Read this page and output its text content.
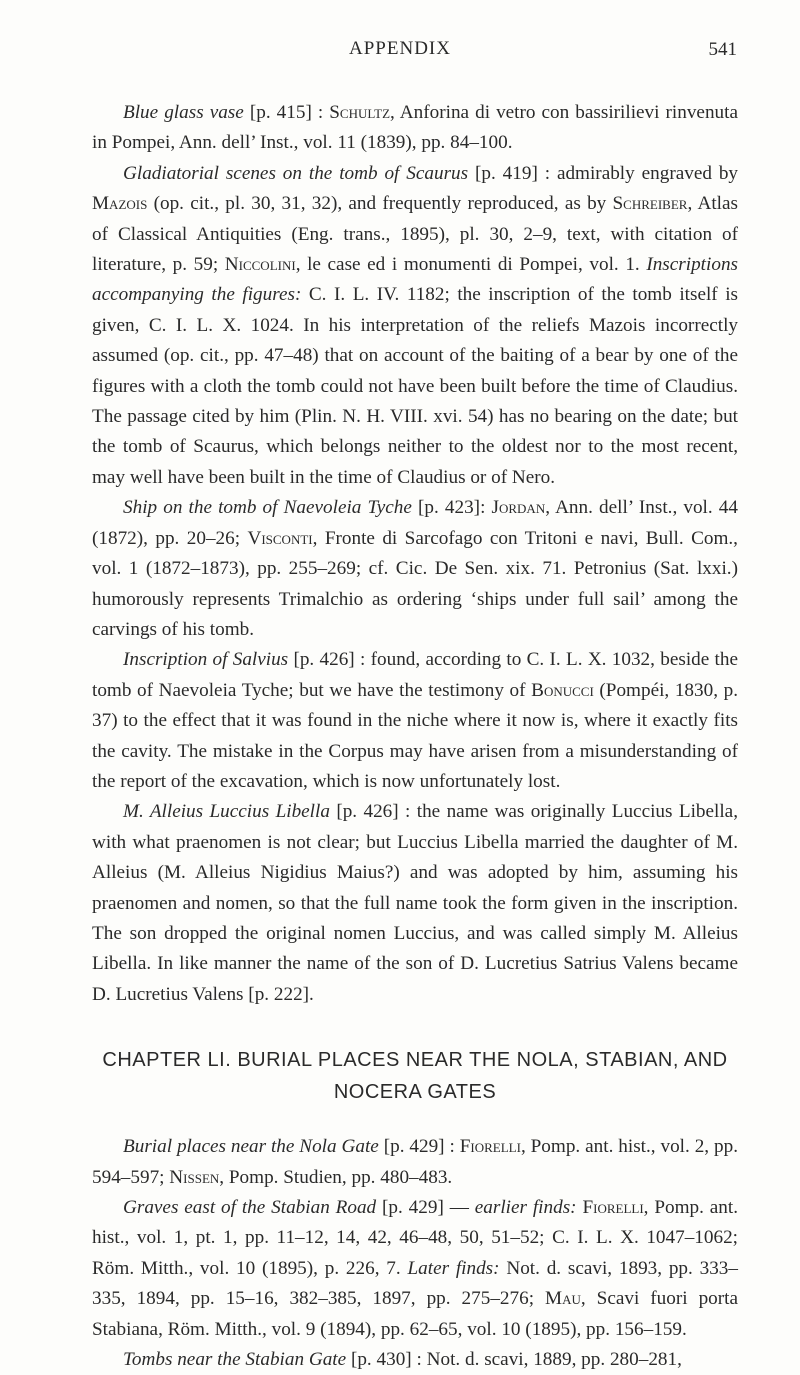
APPENDIX	541

Blue glass vase [p. 415] : Schultz, Anforina di vetro con bassirilievi rinvenuta in Pompei, Ann. dell’ Inst., vol. 11 (1839), pp. 84–100.

Gladiatorial scenes on the tomb of Scaurus [p. 419] : admirably engraved by Mazois (op. cit., pl. 30, 31, 32), and frequently reproduced, as by Schreiber, Atlas of Classical Antiquities (Eng. trans., 1895), pl. 30, 2–9, text, with citation of literature, p. 59; Niccolini, le case ed i monumenti di Pompei, vol. 1. Inscriptions accompanying the figures: C. I. L. IV. 1182; the inscription of the tomb itself is given, C. I. L. X. 1024. In his interpretation of the reliefs Mazois incorrectly assumed (op. cit., pp. 47–48) that on account of the baiting of a bear by one of the figures with a cloth the tomb could not have been built before the time of Claudius. The passage cited by him (Plin. N. H. VIII. xvi. 54) has no bearing on the date; but the tomb of Scaurus, which belongs neither to the oldest nor to the most recent, may well have been built in the time of Claudius or of Nero.

Ship on the tomb of Naevoleia Tyche [p. 423]: Jordan, Ann. dell’ Inst., vol. 44 (1872), pp. 20–26; Visconti, Fronte di Sarcofago con Tritoni e navi, Bull. Com., vol. 1 (1872–1873), pp. 255–269; cf. Cic. De Sen. xix. 71. Petronius (Sat. lxxi.) humorously represents Trimalchio as ordering ‘ships under full sail’ among the carvings of his tomb.

Inscription of Salvius [p. 426] : found, according to C. I. L. X. 1032, beside the tomb of Naevoleia Tyche; but we have the testimony of Bonucci (Pompéi, 1830, p. 37) to the effect that it was found in the niche where it now is, where it exactly fits the cavity. The mistake in the Corpus may have arisen from a misunderstanding of the report of the excavation, which is now unfortunately lost.

M. Alleius Luccius Libella [p. 426] : the name was originally Luccius Libella, with what praenomen is not clear; but Luccius Libella married the daughter of M. Alleius (M. Alleius Nigidius Maius?) and was adopted by him, assuming his praenomen and nomen, so that the full name took the form given in the inscription. The son dropped the original nomen Luccius, and was called simply M. Alleius Libella. In like manner the name of the son of D. Lucretius Satrius Valens became D. Lucretius Valens [p. 222].

CHAPTER LI. BURIAL PLACES NEAR THE NOLA, STABIAN, AND NOCERA GATES

Burial places near the Nola Gate [p. 429] : Fiorelli, Pomp. ant. hist., vol. 2, pp. 594–597; Nissen, Pomp. Studien, pp. 480–483.

Graves east of the Stabian Road [p. 429] — earlier finds: Fiorelli, Pomp. ant. hist., vol. 1, pt. 1, pp. 11–12, 14, 42, 46–48, 50, 51–52; C. I. L. X. 1047–1062; Röm. Mitth., vol. 10 (1895), p. 226, 7. Later finds: Not. d. scavi, 1893, pp. 333–335, 1894, pp. 15–16, 382–385, 1897, pp. 275–276; Mau, Scavi fuori porta Stabiana, Röm. Mitth., vol. 9 (1894), pp. 62–65, vol. 10 (1895), pp. 156–159.

Tombs near the Stabian Gate [p. 430] : Not. d. scavi, 1889, pp. 280–281,
